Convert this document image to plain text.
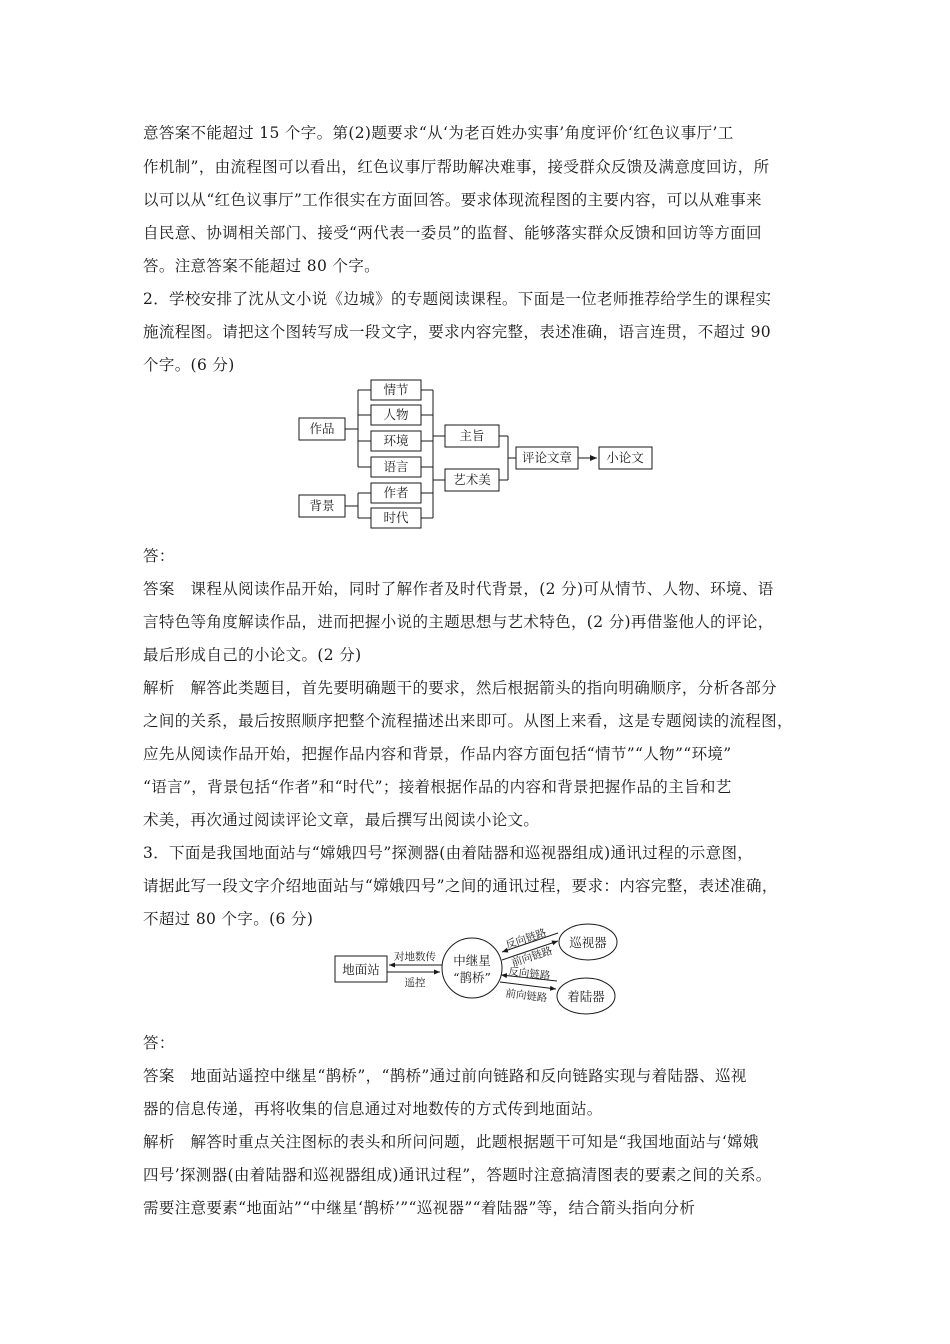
意答案不能超过 15 个字。第(2)题要求“从‘为老百姓办实事’角度评价‘红色议事厅’工
作机制”，由流程图可以看出，红色议事厅帮助解决难事，接受群众反馈及满意度回访，所
以可以从“红色议事厅”工作很实在方面回答。要求体现流程图的主要内容，可以从难事来
自民意、协调相关部门、接受“两代表一委员”的监督、能够落实群众反馈和回访等方面回
答。注意答案不能超过 80 个字。
2．学校安排了沈从文小说《边城》的专题阅读课程。下面是一位老师推荐给学生的课程实
施流程图。请把这个图转写成一段文字，要求内容完整，表述准确，语言连贯，不超过 90
个字。(6 分)
作品
背景
情节
人物
环境
语言
作者
时代
主旨
艺术美
评论文章	小论文
答：
答案　课程从阅读作品开始，同时了解作者及时代背景，(2 分)可从情节、人物、环境、语
言特色等角度解读作品，进而把握小说的主题思想与艺术特色，(2 分)再借鉴他人的评论，
最后形成自己的小论文。(2 分)
解析　解答此类题目，首先要明确题干的要求，然后根据箭头的指向明确顺序，分析各部分
之间的关系，最后按照顺序把整个流程描述出来即可。从图上来看，这是专题阅读的流程图，
应先从阅读作品开始，把握作品内容和背景，作品内容方面包括“情节”“人物”“环境”
“语言”，背景包括“作者”和“时代”；接着根据作品的内容和背景把握作品的主旨和艺
术美，再次通过阅读评论文章，最后撰写出阅读小论文。
3．下面是我国地面站与“嫦娥四号”探测器(由着陆器和巡视器组成)通讯过程的示意图，
请据此写一段文字介绍地面站与“嫦娥四号”之间的通讯过程，要求：内容完整，表述准确，
不超过 80 个字。(6 分)
地面站
中继星
“鹊桥”
巡视器
着陆器
对地数传
遥控
反向链路
前向链路
反向链路
前向链路
答：
答案　地面站遥控中继星“鹊桥”，“鹊桥”通过前向链路和反向链路实现与着陆器、巡视
器的信息传递，再将收集的信息通过对地数传的方式传到地面站。
解析　解答时重点关注图标的表头和所问问题，此题根据题干可知是“我国地面站与‘嫦娥
四号’探测器(由着陆器和巡视器组成)通讯过程”，答题时注意搞清图表的要素之间的关系。
需要注意要素“地面站”“中继星‘鹊桥’”“巡视器”“着陆器”等，结合箭头指向分析
